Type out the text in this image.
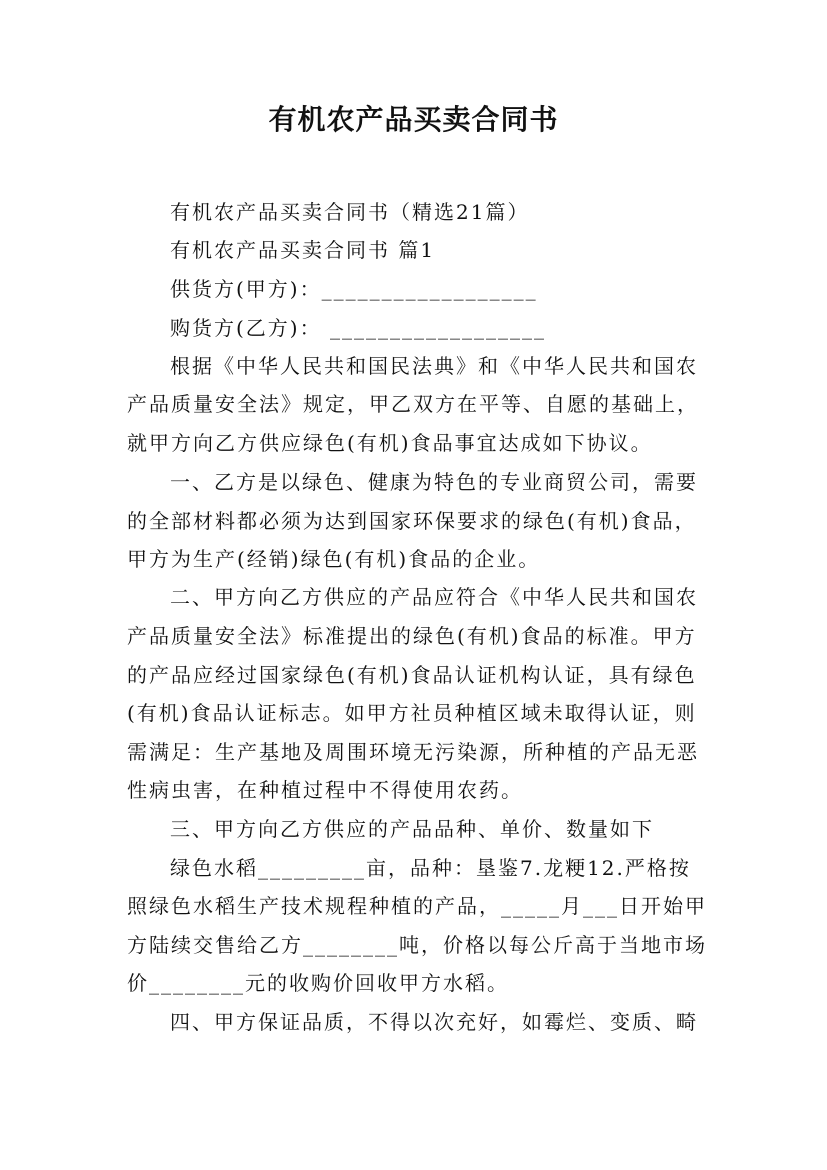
有机农产品买卖合同书
有机农产品买卖合同书（精选21篇）
有机农产品买卖合同书 篇1
供货方(甲方)：__________________
购货方(乙方)： __________________
根据《中华人民共和国民法典》和《中华人民共和国农
产品质量安全法》规定，甲乙双方在平等、自愿的基础上，
就甲方向乙方供应绿色(有机)食品事宜达成如下协议。
一、乙方是以绿色、健康为特色的专业商贸公司，需要
的全部材料都必须为达到国家环保要求的绿色(有机)食品，
甲方为生产(经销)绿色(有机)食品的企业。
二、甲方向乙方供应的产品应符合《中华人民共和国农
产品质量安全法》标准提出的绿色(有机)食品的标准。甲方
的产品应经过国家绿色(有机)食品认证机构认证，具有绿色
(有机)食品认证标志。如甲方社员种植区域未取得认证，则
需满足：生产基地及周围环境无污染源，所种植的产品无恶
性病虫害，在种植过程中不得使用农药。
三、甲方向乙方供应的产品品种、单价、数量如下
绿色水稻_________亩，品种：垦鉴7.龙粳12.严格按
照绿色水稻生产技术规程种植的产品，_____月___日开始甲
方陆续交售给乙方________吨，价格以每公斤高于当地市场
价________元的收购价回收甲方水稻。
四、甲方保证品质，不得以次充好，如霉烂、变质、畸
